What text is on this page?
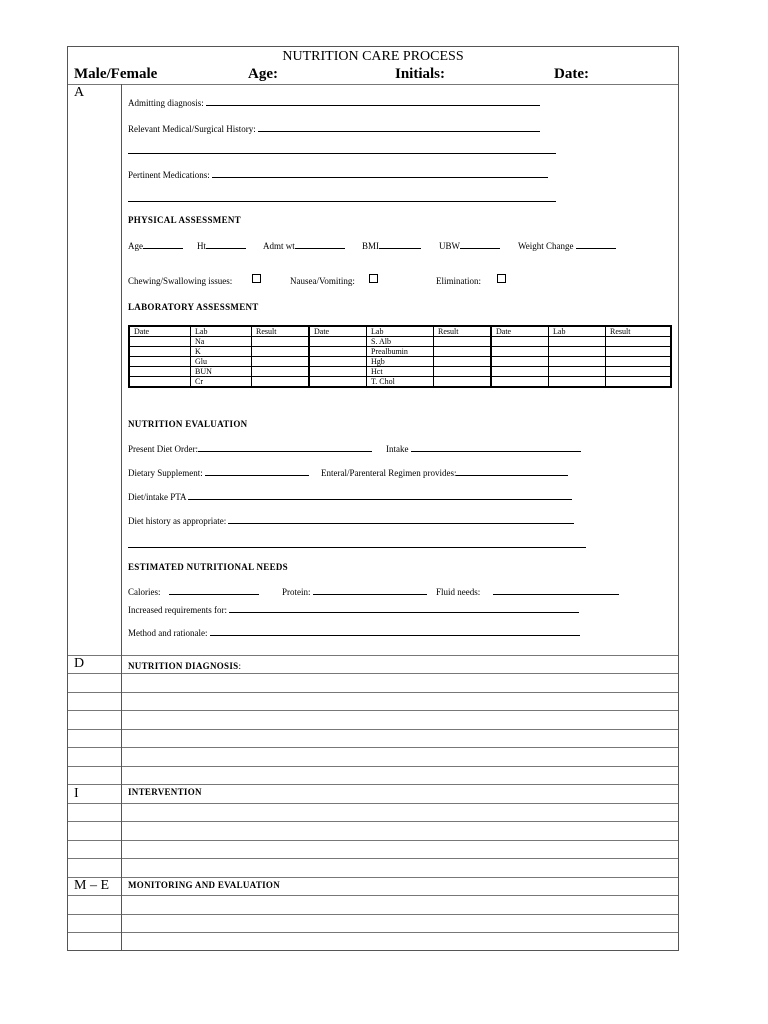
NUTRITION CARE PROCESS
Male/Female	Age:	Initials:	Date:
A
D
I
M – E
Admitting diagnosis:
Relevant Medical/Surgical History:
Pertinent Medications:
PHYSICAL ASSESSMENT
Age	Ht	Admt wt	BMI	UBW	Weight Change
Chewing/Swallowing issues:	Nausea/Vomiting:	Elimination:
LABORATORY ASSESSMENT
Date	Lab	Result	Date	Lab	Result	Date	Lab	Result
	Na			S. Alb				
	K			Prealbumin				
	Glu			Hgb				
	BUN			Hct				
	Cr			T. Chol				
NUTRITION EVALUATION
Present Diet Order:	Intake
Dietary Supplement:	Enteral/Parenteral Regimen provides:
Diet/intake PTA
Diet history as appropriate:
ESTIMATED NUTRITIONAL NEEDS
Calories:	Protein:	Fluid needs:
Increased requirements for:
Method and rationale:
NUTRITION DIAGNOSIS:
INTERVENTION
MONITORING AND EVALUATION
